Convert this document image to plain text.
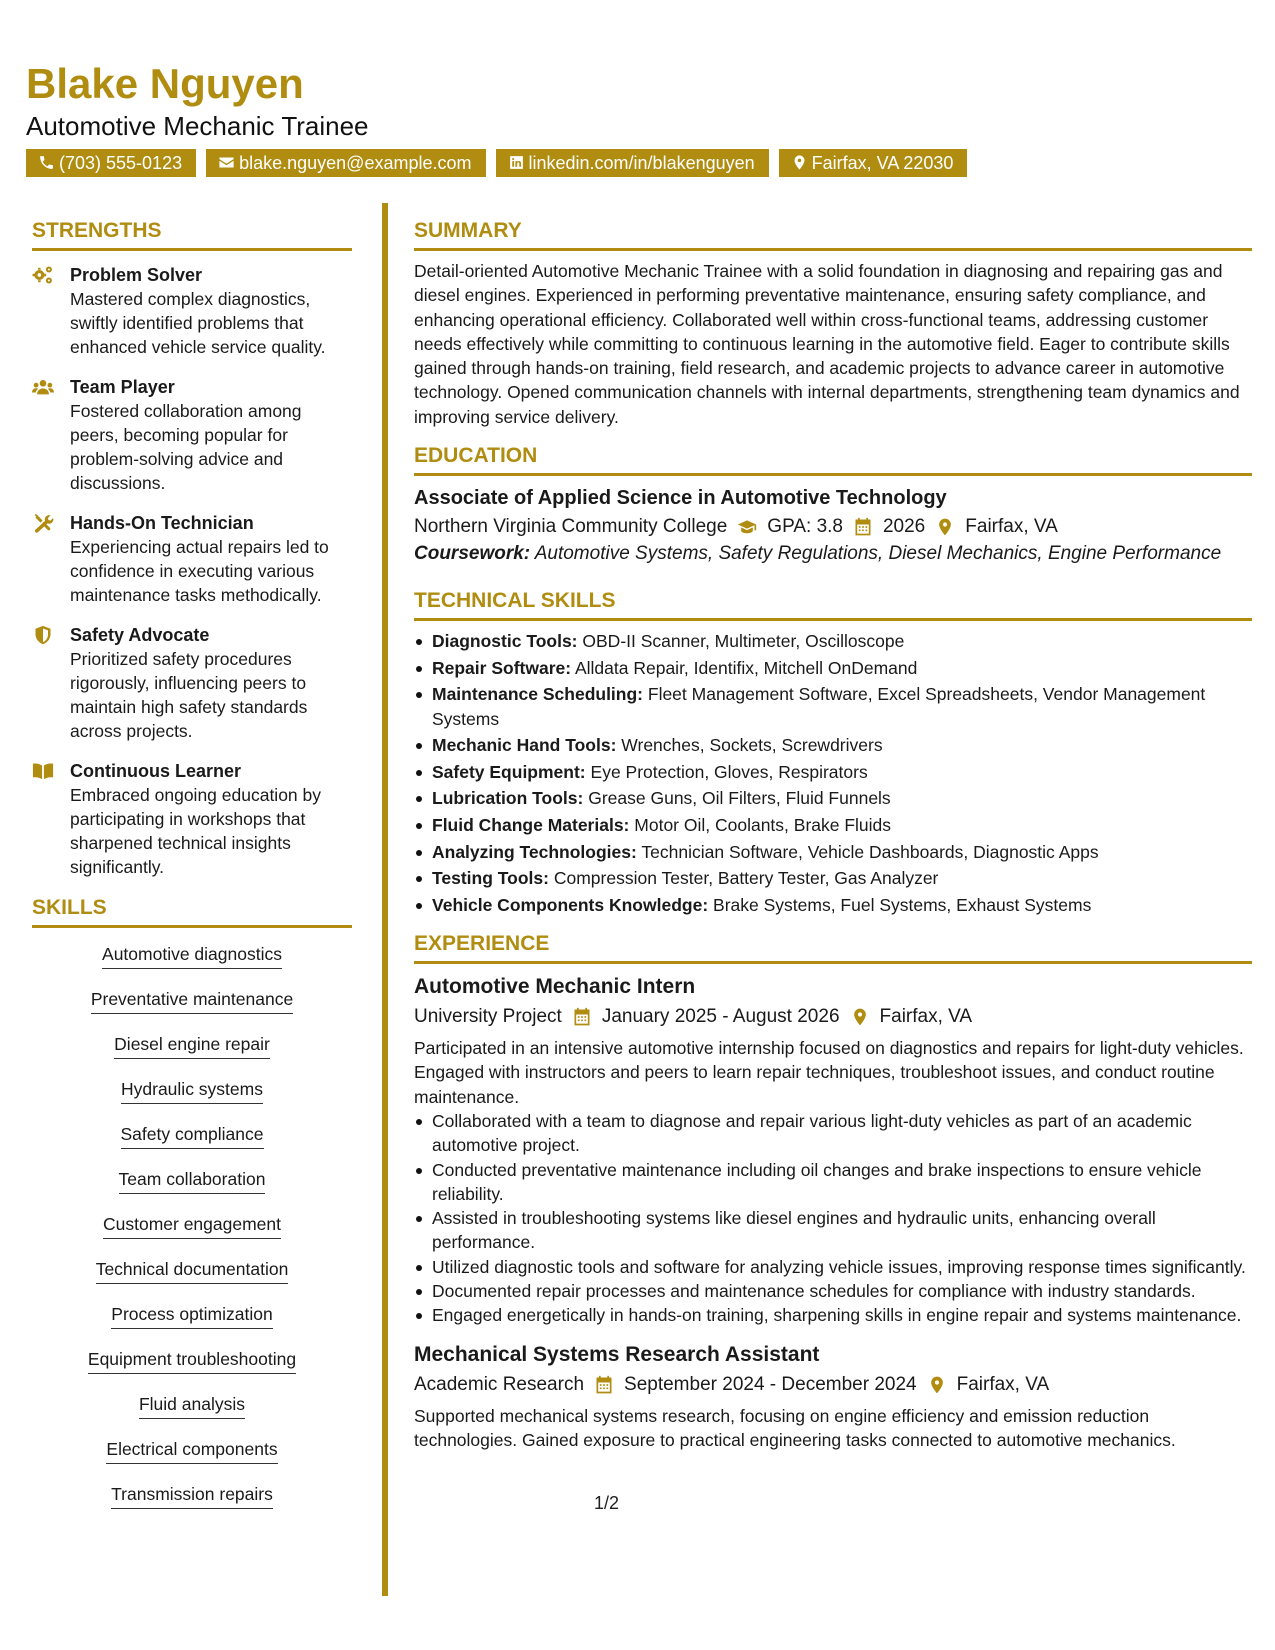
Blake Nguyen
Automotive Mechanic Trainee
(703) 555-0123	blake.nguyen@example.com	linkedin.com/in/blakenguyen	Fairfax, VA 22030
STRENGTHS
Problem Solver
Mastered complex diagnostics, swiftly identified problems that enhanced vehicle service quality.
Team Player
Fostered collaboration among peers, becoming popular for problem-solving advice and discussions.
Hands-On Technician
Experiencing actual repairs led to confidence in executing various maintenance tasks methodically.
Safety Advocate
Prioritized safety procedures rigorously, influencing peers to maintain high safety standards across projects.
Continuous Learner
Embraced ongoing education by participating in workshops that sharpened technical insights significantly.
SKILLS
Automotive diagnostics
Preventative maintenance
Diesel engine repair
Hydraulic systems
Safety compliance
Team collaboration
Customer engagement
Technical documentation
Process optimization
Equipment troubleshooting
Fluid analysis
Electrical components
Transmission repairs
SUMMARY
Detail-oriented Automotive Mechanic Trainee with a solid foundation in diagnosing and repairing gas and diesel engines. Experienced in performing preventative maintenance, ensuring safety compliance, and enhancing operational efficiency. Collaborated well within cross-functional teams, addressing customer needs effectively while committing to continuous learning in the automotive field. Eager to contribute skills gained through hands-on training, field research, and academic projects to advance career in automotive technology. Opened communication channels with internal departments, strengthening team dynamics and improving service delivery.
EDUCATION
Associate of Applied Science in Automotive Technology
Northern Virginia Community College GPA: 3.8 2026 Fairfax, VA
Coursework: Automotive Systems, Safety Regulations, Diesel Mechanics, Engine Performance
TECHNICAL SKILLS
Diagnostic Tools: OBD-II Scanner, Multimeter, Oscilloscope
Repair Software: Alldata Repair, Identifix, Mitchell OnDemand
Maintenance Scheduling: Fleet Management Software, Excel Spreadsheets, Vendor Management Systems
Mechanic Hand Tools: Wrenches, Sockets, Screwdrivers
Safety Equipment: Eye Protection, Gloves, Respirators
Lubrication Tools: Grease Guns, Oil Filters, Fluid Funnels
Fluid Change Materials: Motor Oil, Coolants, Brake Fluids
Analyzing Technologies: Technician Software, Vehicle Dashboards, Diagnostic Apps
Testing Tools: Compression Tester, Battery Tester, Gas Analyzer
Vehicle Components Knowledge: Brake Systems, Fuel Systems, Exhaust Systems
EXPERIENCE
Automotive Mechanic Intern
University Project January 2025 - August 2026 Fairfax, VA
Participated in an intensive automotive internship focused on diagnostics and repairs for light-duty vehicles. Engaged with instructors and peers to learn repair techniques, troubleshoot issues, and conduct routine maintenance.
Collaborated with a team to diagnose and repair various light-duty vehicles as part of an academic automotive project.
Conducted preventative maintenance including oil changes and brake inspections to ensure vehicle reliability.
Assisted in troubleshooting systems like diesel engines and hydraulic units, enhancing overall performance.
Utilized diagnostic tools and software for analyzing vehicle issues, improving response times significantly.
Documented repair processes and maintenance schedules for compliance with industry standards.
Engaged energetically in hands-on training, sharpening skills in engine repair and systems maintenance.
Mechanical Systems Research Assistant
Academic Research September 2024 - December 2024 Fairfax, VA
Supported mechanical systems research, focusing on engine efficiency and emission reduction technologies. Gained exposure to practical engineering tasks connected to automotive mechanics.
1/2
